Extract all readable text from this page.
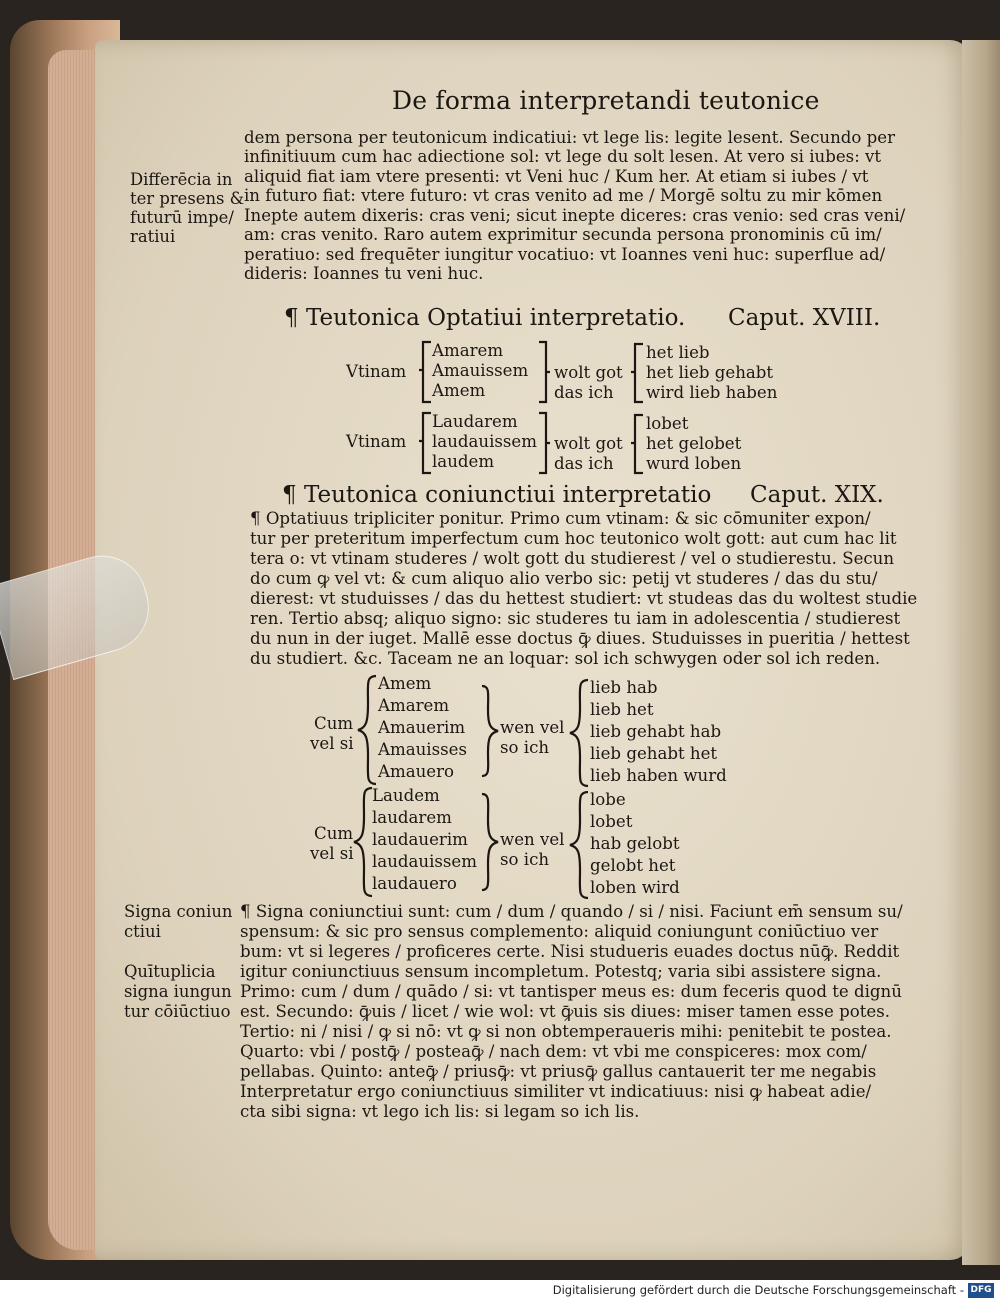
De forma interpretandi teutonice
dem persona per teutonicum indicatiui: vt lege lis: legite lesent. Secundo per
infinitiuum cum hac adiectione sol: vt lege du solt lesen. At vero si iubes: vt
aliquid fiat iam vtere presenti: vt Veni huc / Kum her. At etiam si iubes / vt
in futuro fiat: vtere futuro: vt cras venito ad me / Morgē soltu zu mir kōmen
Inepte autem dixeris: cras veni; sicut inepte diceres: cras venio: sed cras veni/
am: cras venito. Raro autem exprimitur secunda persona pronominis cū im/
peratiuo: sed frequēter iungitur vocatiuo: vt Ioannes veni huc: superflue ad/
dideris: Ioannes tu veni huc.
Differēcia in
ter presens &
futurū impe/
ratiui
¶ Teutonica Optatiui interpretatio. Caput. XVIII.
Vtinam
Amarem
Amauissem
Amem
wolt got
das ich
het lieb
het lieb gehabt
wird lieb haben
Vtinam
Laudarem
laudauissem
laudem
wolt got
das ich
lobet
het gelobet
wurd loben
¶ Teutonica coniunctiui interpretatio Caput. XIX.
¶ Optatiuus tripliciter ponitur. Primo cum vtinam: & sic cōmuniter expon/
tur per preteritum imperfectum cum hoc teutonico wolt gott: aut cum hac lit
tera o: vt vtinam studeres / wolt gott du studierest / vel o studierestu. Secun
do cum ꝙ vel vt: & cum aliquo alio verbo sic: petij vt studeres / das du stu/
dierest: vt studuisses / das du hettest studiert: vt studeas das du woltest studie
ren. Tertio absq; aliquo signo: sic studeres tu iam in adolescentia / studierest
du nun in der iuget. Mallē esse doctus ꝙ̄ diues. Studuisses in pueritia / hettest
du studiert. &c. Taceam ne an loquar: sol ich schwygen oder sol ich reden.
Cum
vel si
Amem
Amarem
Amauerim
Amauisses
Amauero
wen vel
so ich
lieb hab
lieb het
lieb gehabt hab
lieb gehabt het
lieb haben wurd
Cum
vel si
Laudem
laudarem
laudauerim
laudauissem
laudauero
wen vel
so ich
lobe
lobet
hab gelobt
gelobt het
loben wird
¶ Signa coniunctiui sunt: cum / dum / quando / si / nisi. Faciunt em̄ sensum su/
spensum: & sic pro sensus complemento: aliquid coniungunt coniūctiuo ver
bum: vt si legeres / proficeres certe. Nisi studueris euades doctus nūꝙ̄. Reddit
igitur coniunctiuus sensum incompletum. Potestq; varia sibi assistere signa.
Primo: cum / dum / quādo / si: vt tantisper meus es: dum feceris quod te dignū
est. Secundo: ꝙ̄uis / licet / wie wol: vt ꝙ̄uis sis diues: miser tamen esse potes.
Tertio: ni / nisi / ꝙ si nō: vt ꝙ si non obtemperaueris mihi: penitebit te postea.
Quarto: vbi / postꝙ̄ / posteaꝙ̄ / nach dem: vt vbi me conspiceres: mox com/
pellabas. Quinto: anteꝙ̄ / priusꝙ̄: vt priusꝙ̄ gallus cantauerit ter me negabis
Interpretatur ergo coniunctiuus similiter vt indicatiuus: nisi ꝙ habeat adie/
cta sibi signa: vt lego ich lis: si legam so ich lis.
Signa coniun
ctiui
Quītuplicia
signa iungun
tur cōiūctiuo
Digitalisierung gefördert durch die Deutsche Forschungsgemeinschaft - DFG
